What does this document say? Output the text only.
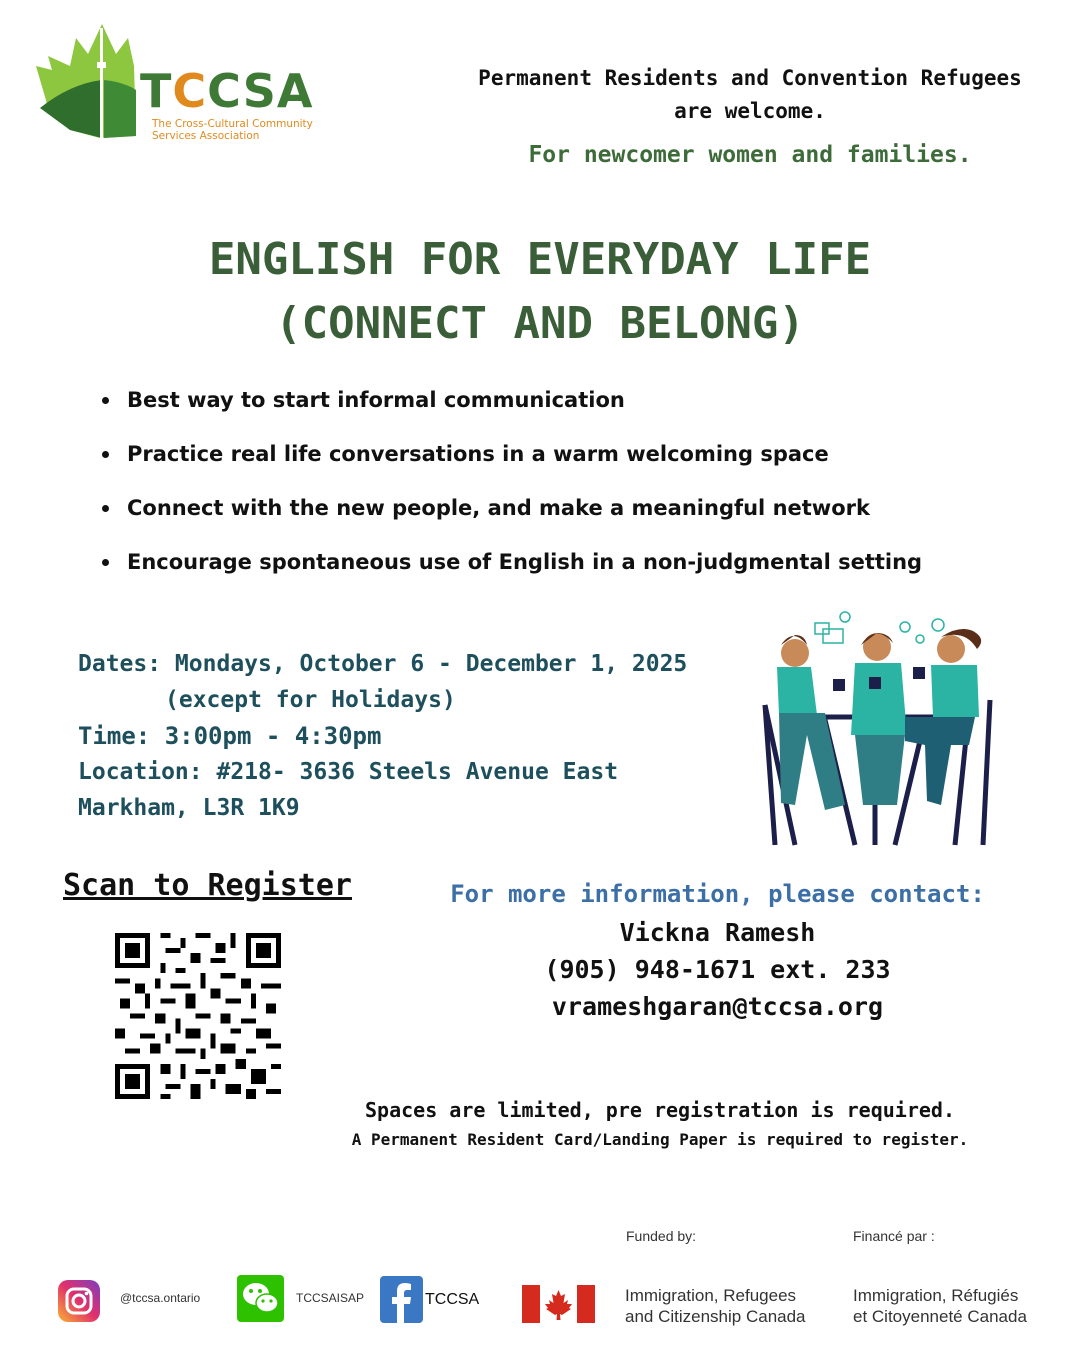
TCCSA
The Cross-Cultural Community
Services Association
Permanent Residents and Convention Refugees
are welcome.
For newcomer women and families.
ENGLISH FOR EVERYDAY LIFE
(CONNECT AND BELONG)
Best way to start informal communication
Practice real life conversations in a warm welcoming space
Connect with the new people, and make a meaningful network
Encourage spontaneous use of English in a non-judgmental setting
Dates: Mondays, October 6 - December 1, 2025
(except for Holidays)
Time: 3:00pm - 4:30pm
Location: #218- 3636 Steels Avenue East
Markham, L3R 1K9
Scan to Register	For more information, please contact:
Vickna Ramesh
(905) 948-1671 ext. 233
vrameshgaran@tccsa.org
Spaces are limited, pre registration is required.
A Permanent Resident Card/Landing Paper is required to register.
@tccsa.ontario	TCCSAISAP	TCCSA
Funded by:	Financé par :
Immigration, Refugees
and Citizenship Canada
Immigration, Réfugiés
et Citoyenneté Canada
